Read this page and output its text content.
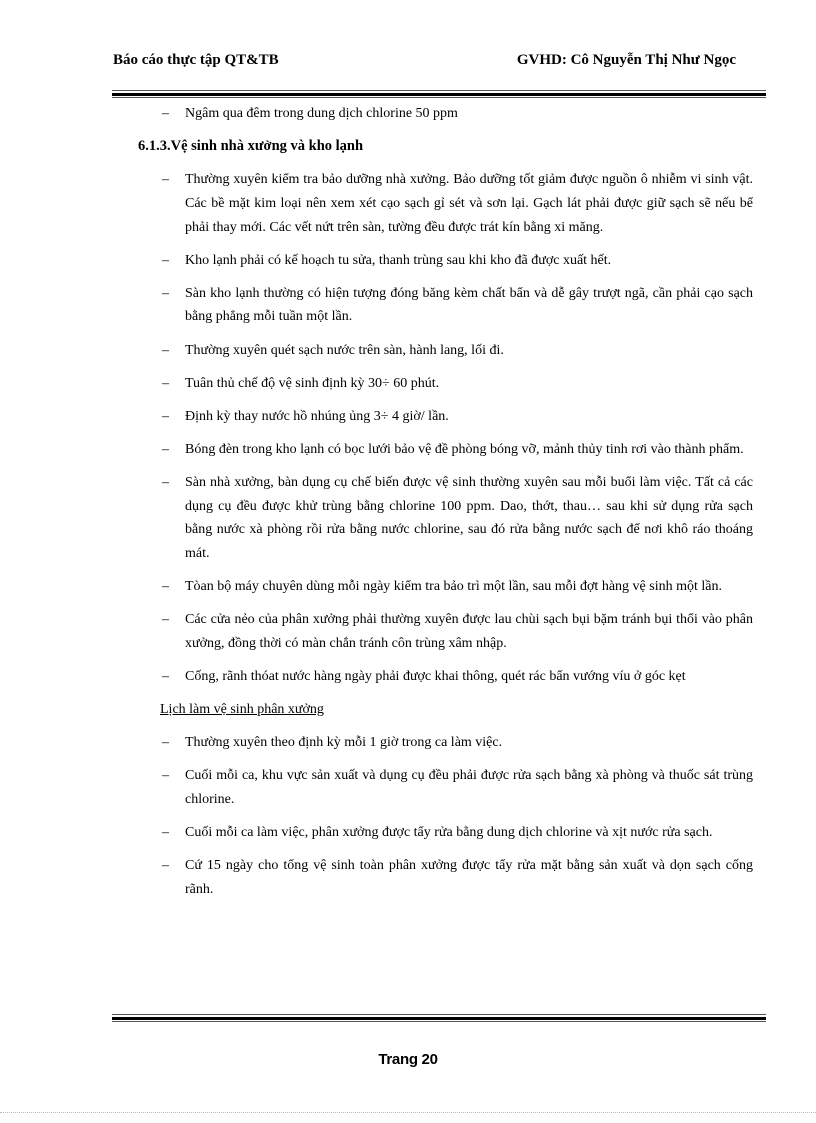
Báo cáo thực tập QT&TB	GVHD: Cô Nguyễn Thị Như Ngọc
– Ngâm qua đêm trong dung dịch chlorine 50 ppm
6.1.3.Vệ sinh nhà xưởng và kho lạnh
– Thường xuyên kiểm tra bảo dưỡng nhà xưởng. Bảo dưỡng tốt giảm được nguồn ô nhiễm vi sinh vật. Các bề mặt kim loại nên xem xét cạo sạch gỉ sét và sơn lại. Gạch lát phải được giữ sạch sẽ nếu bể phải thay mới. Các vết nứt trên sàn, tường đều được trát kín bằng xi măng.
– Kho lạnh phải có kế hoạch tu sửa, thanh trùng sau khi kho đã được xuất hết.
– Sàn kho lạnh thường có hiện tượng đóng băng kèm chất bẩn và dễ gây trượt ngã, cần phải cạo sạch bằng phẳng mỗi tuần một lần.
– Thường xuyên quét sạch nước trên sàn, hành lang, lối đi.
– Tuân thủ chế độ vệ sinh định kỳ 30÷ 60 phút.
– Định kỳ thay nước hồ nhúng ủng 3÷ 4 giờ/ lần.
– Bóng đèn trong kho lạnh có bọc lưới bảo vệ đề phòng bóng vỡ, mảnh thủy tinh rơi vào thành phẩm.
– Sàn nhà xưởng, bàn dụng cụ chế biến được vệ sinh thường xuyên sau mỗi buổi làm việc. Tất cả các dụng cụ đều được khử trùng bằng chlorine 100 ppm. Dao, thớt, thau… sau khi sử dụng rửa sạch bằng nước xà phòng rồi rửa bằng nước chlorine, sau đó rửa bằng nước sạch để nơi khô ráo thoáng mát.
– Tòan bộ máy chuyên dùng mỗi ngày kiểm tra bảo trì một lần, sau mỗi đợt hàng vệ sinh một lần.
– Các cửa nẻo của phân xưởng phải thường xuyên được lau chùi sạch bụi bặm tránh bụi thổi vào phân xưởng, đồng thời có màn chắn tránh côn trùng xâm nhập.
– Cống, rãnh thóat nước hàng ngày phải được khai thông, quét rác bẩn vướng víu ở góc kẹt
Lịch làm vệ sinh phân xưởng
– Thường xuyên theo định kỳ mỗi 1 giờ trong ca làm việc.
– Cuối mỗi ca, khu vực sản xuất và dụng cụ đều phải được rửa sạch bằng xà phòng và thuốc sát trùng chlorine.
– Cuối mỗi ca làm việc, phân xưởng được tẩy rửa bằng dung dịch chlorine và xịt nước rửa sạch.
– Cứ 15 ngày cho tổng vệ sinh toàn phân xưởng được tẩy rửa mặt bằng sản xuất và dọn sạch cống rãnh.
Trang 20
